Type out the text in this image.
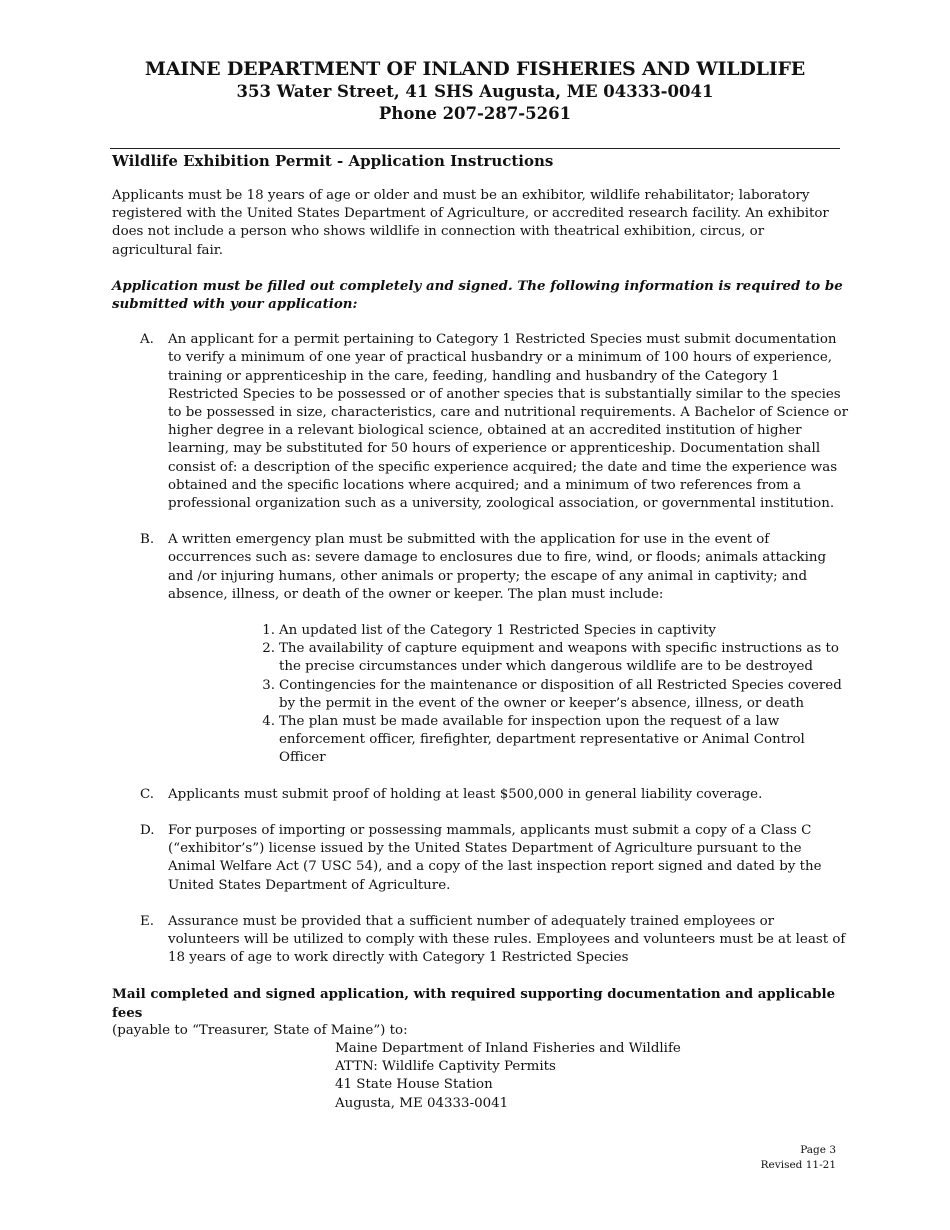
MAINE DEPARTMENT OF INLAND FISHERIES AND WILDLIFE
353 Water Street, 41 SHS Augusta, ME 04333-0041
Phone 207-287-5261
Wildlife Exhibition Permit - Application Instructions

Applicants must be 18 years of age or older and must be an exhibitor, wildlife rehabilitator; laboratory registered with the United States Department of Agriculture, or accredited research facility. An exhibitor does not include a person who shows wildlife in connection with theatrical exhibition, circus, or agricultural fair.

Application must be filled out completely and signed. The following information is required to be submitted with your application:

A. An applicant for a permit pertaining to Category 1 Restricted Species must submit documentation to verify a minimum of one year of practical husbandry or a minimum of 100 hours of experience, training or apprenticeship in the care, feeding, handling and husbandry of the Category 1 Restricted Species to be possessed or of another species that is substantially similar to the species to be possessed in size, characteristics, care and nutritional requirements. A Bachelor of Science or higher degree in a relevant biological science, obtained at an accredited institution of higher learning, may be substituted for 50 hours of experience or apprenticeship. Documentation shall consist of: a description of the specific experience acquired; the date and time the experience was obtained and the specific locations where acquired; and a minimum of two references from a professional organization such as a university, zoological association, or governmental institution.

B. A written emergency plan must be submitted with the application for use in the event of occurrences such as: severe damage to enclosures due to fire, wind, or floods; animals attacking and /or injuring humans, other animals or property; the escape of any animal in captivity; and absence, illness, or death of the owner or keeper. The plan must include:

1. An updated list of the Category 1 Restricted Species in captivity
2. The availability of capture equipment and weapons with specific instructions as to the precise circumstances under which dangerous wildlife are to be destroyed
3. Contingencies for the maintenance or disposition of all Restricted Species covered by the permit in the event of the owner or keeper’s absence, illness, or death
4. The plan must be made available for inspection upon the request of a law enforcement officer, firefighter, department representative or Animal Control Officer
C. Applicants must submit proof of holding at least $500,000 in general liability coverage.

D. For purposes of importing or possessing mammals, applicants must submit a copy of a Class C (“exhibitor’s”) license issued by the United States Department of Agriculture pursuant to the Animal Welfare Act (7 USC 54), and a copy of the last inspection report signed and dated by the United States Department of Agriculture.

E. Assurance must be provided that a sufficient number of adequately trained employees or volunteers will be utilized to comply with these rules. Employees and volunteers must be at least of 18 years of age to work directly with Category 1 Restricted Species

Mail completed and signed application, with required supporting documentation and applicable fees
(payable to “Treasurer, State of Maine”) to:
Maine Department of Inland Fisheries and Wildlife
ATTN: Wildlife Captivity Permits
41 State House Station
Augusta, ME 04333-0041
Page 3
Revised 11-21
